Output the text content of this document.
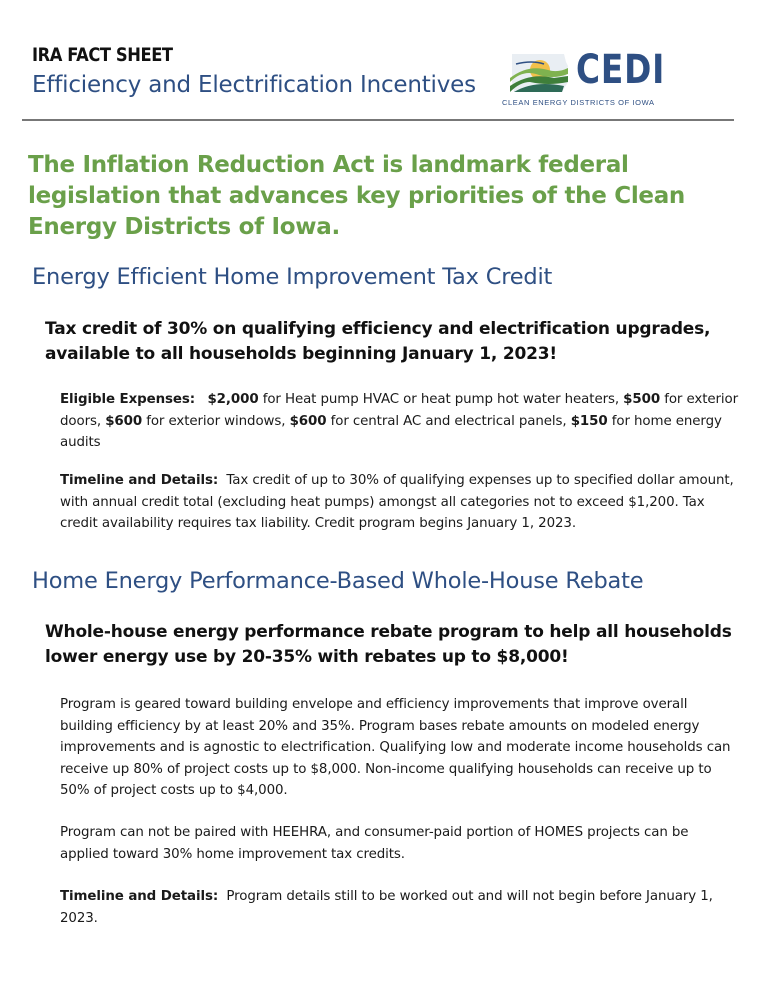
IRA FACT SHEET
Efficiency and Electrification Incentives	CEDI
CLEAN ENERGY DISTRICTS OF IOWA
The Inflation Reduction Act is landmark federal legislation that advances key priorities of the Clean Energy Districts of Iowa.
Energy Efficient Home Improvement Tax Credit
Tax credit of 30% on qualifying efficiency and electrification upgrades, available to all households beginning January 1, 2023!
Eligible Expenses: $2,000 for Heat pump HVAC or heat pump hot water heaters, $500 for exterior doors, $600 for exterior windows, $600 for central AC and electrical panels, $150 for home energy audits
Timeline and Details: Tax credit of up to 30% of qualifying expenses up to specified dollar amount, with annual credit total (excluding heat pumps) amongst all categories not to exceed $1,200. Tax credit availability requires tax liability. Credit program begins January 1, 2023.
Home Energy Performance-Based Whole-House Rebate
Whole-house energy performance rebate program to help all households lower energy use by 20-35% with rebates up to $8,000!
Program is geared toward building envelope and efficiency improvements that improve overall building efficiency by at least 20% and 35%. Program bases rebate amounts on modeled energy improvements and is agnostic to electrification. Qualifying low and moderate income households can receive up 80% of project costs up to $8,000. Non-income qualifying households can receive up to 50% of project costs up to $4,000.
Program can not be paired with HEEHRA, and consumer-paid portion of HOMES projects can be applied toward 30% home improvement tax credits.
Timeline and Details: Program details still to be worked out and will not begin before January 1, 2023.
